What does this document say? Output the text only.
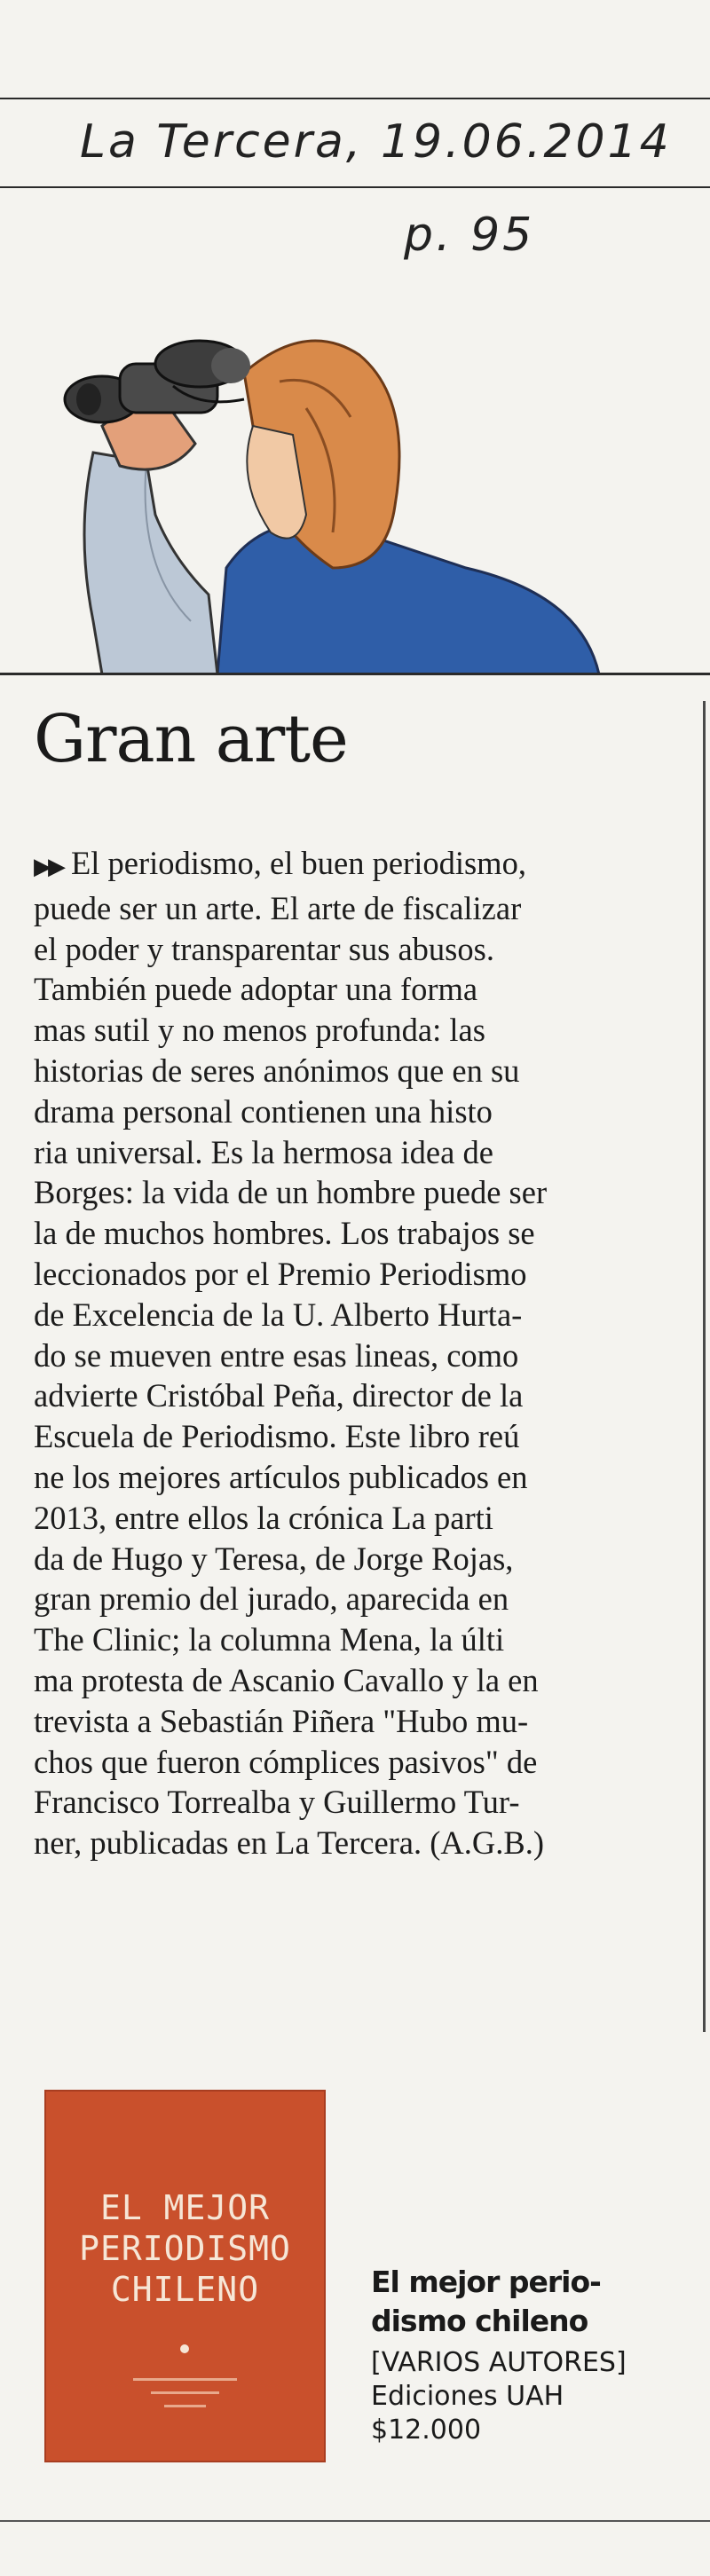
La Tercera, 19.06.2014
p. 95
Gran arte
▶▶ El periodismo, el buen periodismo,
puede ser un arte. El arte de fiscalizar
el poder y transparentar sus abusos.
También puede adoptar una forma
mas sutil y no menos profunda: las
historias de seres anónimos que en su
drama personal contienen una histo
ria universal. Es la hermosa idea de
Borges: la vida de un hombre puede ser
la de muchos hombres. Los trabajos se
leccionados por el Premio Periodismo
de Excelencia de la U. Alberto Hurta-
do se mueven entre esas lineas, como
advierte Cristóbal Peña, director de la
Escuela de Periodismo. Este libro reú
ne los mejores artículos publicados en
2013, entre ellos la crónica La parti
da de Hugo y Teresa, de Jorge Rojas,
gran premio del jurado, aparecida en
The Clinic; la columna Mena, la últi
ma protesta de Ascanio Cavallo y la en
trevista a Sebastián Piñera "Hubo mu-
chos que fueron cómplices pasivos" de
Francisco Torrealba y Guillermo Tur-
ner, publicadas en La Tercera. (A.G.B.)
EL MEJOR
PERIODISMO
CHILENO	El mejor perio-
dismo chileno
[VARIOS AUTORES]
Ediciones UAH
$12.000
